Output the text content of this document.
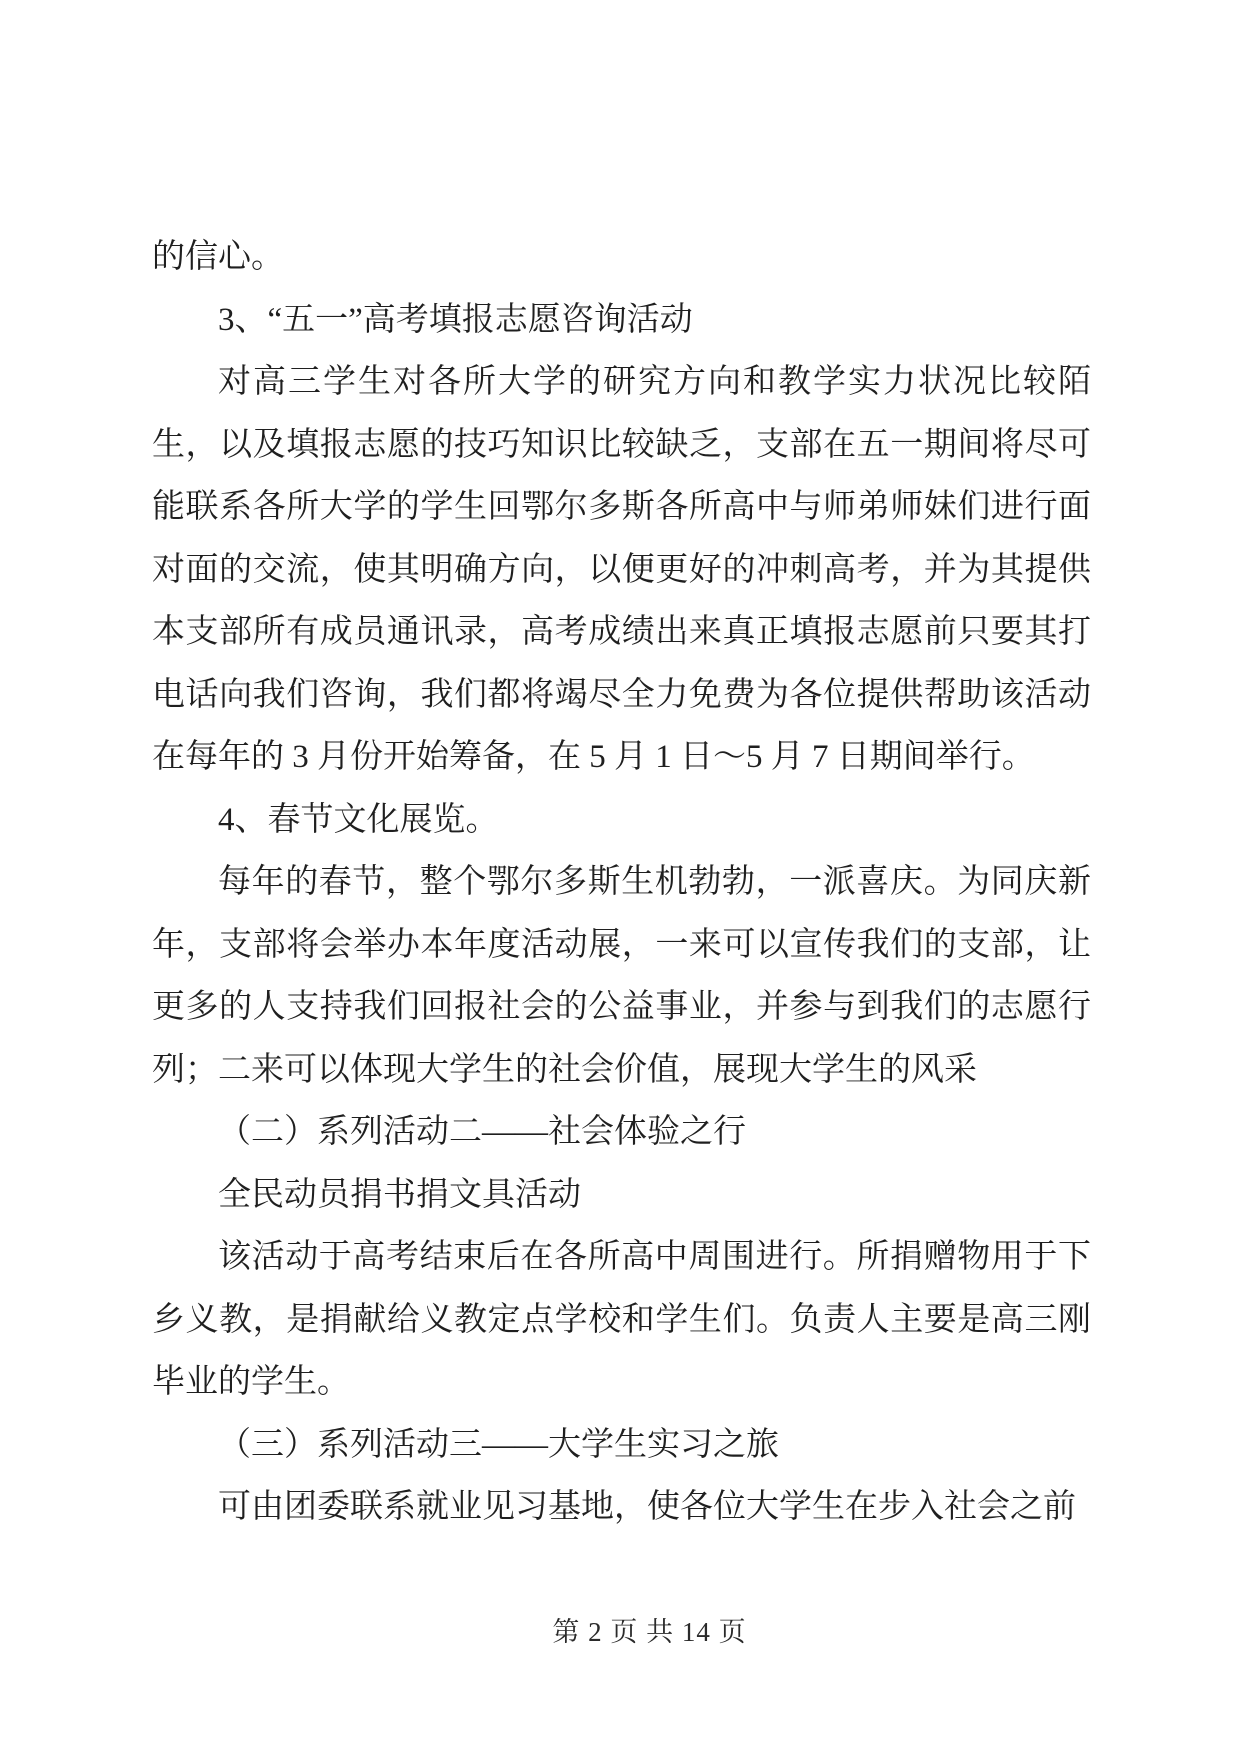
的信心。

3、“五一”高考填报志愿咨询活动

对高三学生对各所大学的研究方向和教学实力状况比较陌生，以及填报志愿的技巧知识比较缺乏，支部在五一期间将尽可能联系各所大学的学生回鄂尔多斯各所高中与师弟师妹们进行面对面的交流，使其明确方向，以便更好的冲刺高考，并为其提供本支部所有成员通讯录，高考成绩出来真正填报志愿前只要其打电话向我们咨询，我们都将竭尽全力免费为各位提供帮助该活动在每年的 3 月份开始筹备，在 5 月 1 日～5 月 7 日期间举行。

4、春节文化展览。

每年的春节，整个鄂尔多斯生机勃勃，一派喜庆。为同庆新年，支部将会举办本年度活动展，一来可以宣传我们的支部，让更多的人支持我们回报社会的公益事业，并参与到我们的志愿行列；二来可以体现大学生的社会价值，展现大学生的风采

（二）系列活动二——社会体验之行

全民动员捐书捐文具活动

该活动于高考结束后在各所高中周围进行。所捐赠物用于下乡义教，是捐献给义教定点学校和学生们。负责人主要是高三刚毕业的学生。

（三）系列活动三——大学生实习之旅

可由团委联系就业见习基地，使各位大学生在步入社会之前

第 2 页 共 14 页
